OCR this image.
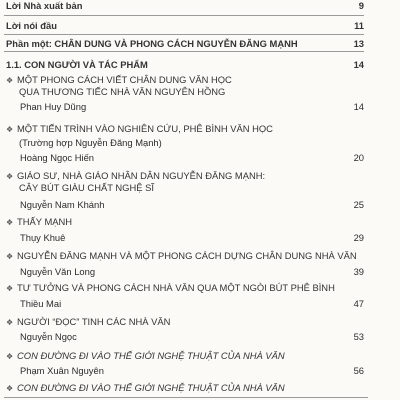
Lời Nhà xuất bản	9
Lời nói đầu	11
Phần một: CHÂN DUNG VÀ PHONG CÁCH NGUYỄN ĐĂNG MẠNH	13
1.1. CON NGƯỜI VÀ TÁC PHẨM	14
❖ MỘT PHONG CÁCH VIẾT CHÂN DUNG VĂN HỌC
QUA THƯƠNG TIẾC NHÀ VĂN NGUYÊN HỒNG
Phan Huy Dũng	14
❖ MỘT TIẾN TRÌNH VÀO NGHIÊN CỨU, PHÊ BÌNH VĂN HỌC
(Trường hợp Nguyễn Đăng Mạnh)
Hoàng Ngọc Hiến	20
❖ GIÁO SƯ, NHÀ GIÁO NHÂN DÂN NGUYỄN ĐĂNG MẠNH:
CÂY BÚT GIÀU CHẤT NGHỆ SĨ
Nguyễn Nam Khánh	25
❖ THẤY MẠNH
Thụy Khuê	29
❖ NGUYỄN ĐĂNG MẠNH VÀ MỘT PHONG CÁCH DỰNG CHÂN DUNG NHÀ VĂN
Nguyễn Văn Long	39
❖ TƯ TƯỞNG VÀ PHONG CÁCH NHÀ VĂN QUA MỘT NGÒI BÚT PHÊ BÌNH
Thiều Mai	47
❖ NGƯỜI “ĐỌC” TINH CÁC NHÀ VĂN
Nguyễn Ngọc	53
❖ CON ĐƯỜNG ĐI VÀO THẾ GIỚI NGHỆ THUẬT CỦA NHÀ VĂN
Phạm Xuân Nguyên	56
❖ CON ĐƯỜNG ĐI VÀO THẾ GIỚI NGHỆ THUẬT CỦA NHÀ VĂN
